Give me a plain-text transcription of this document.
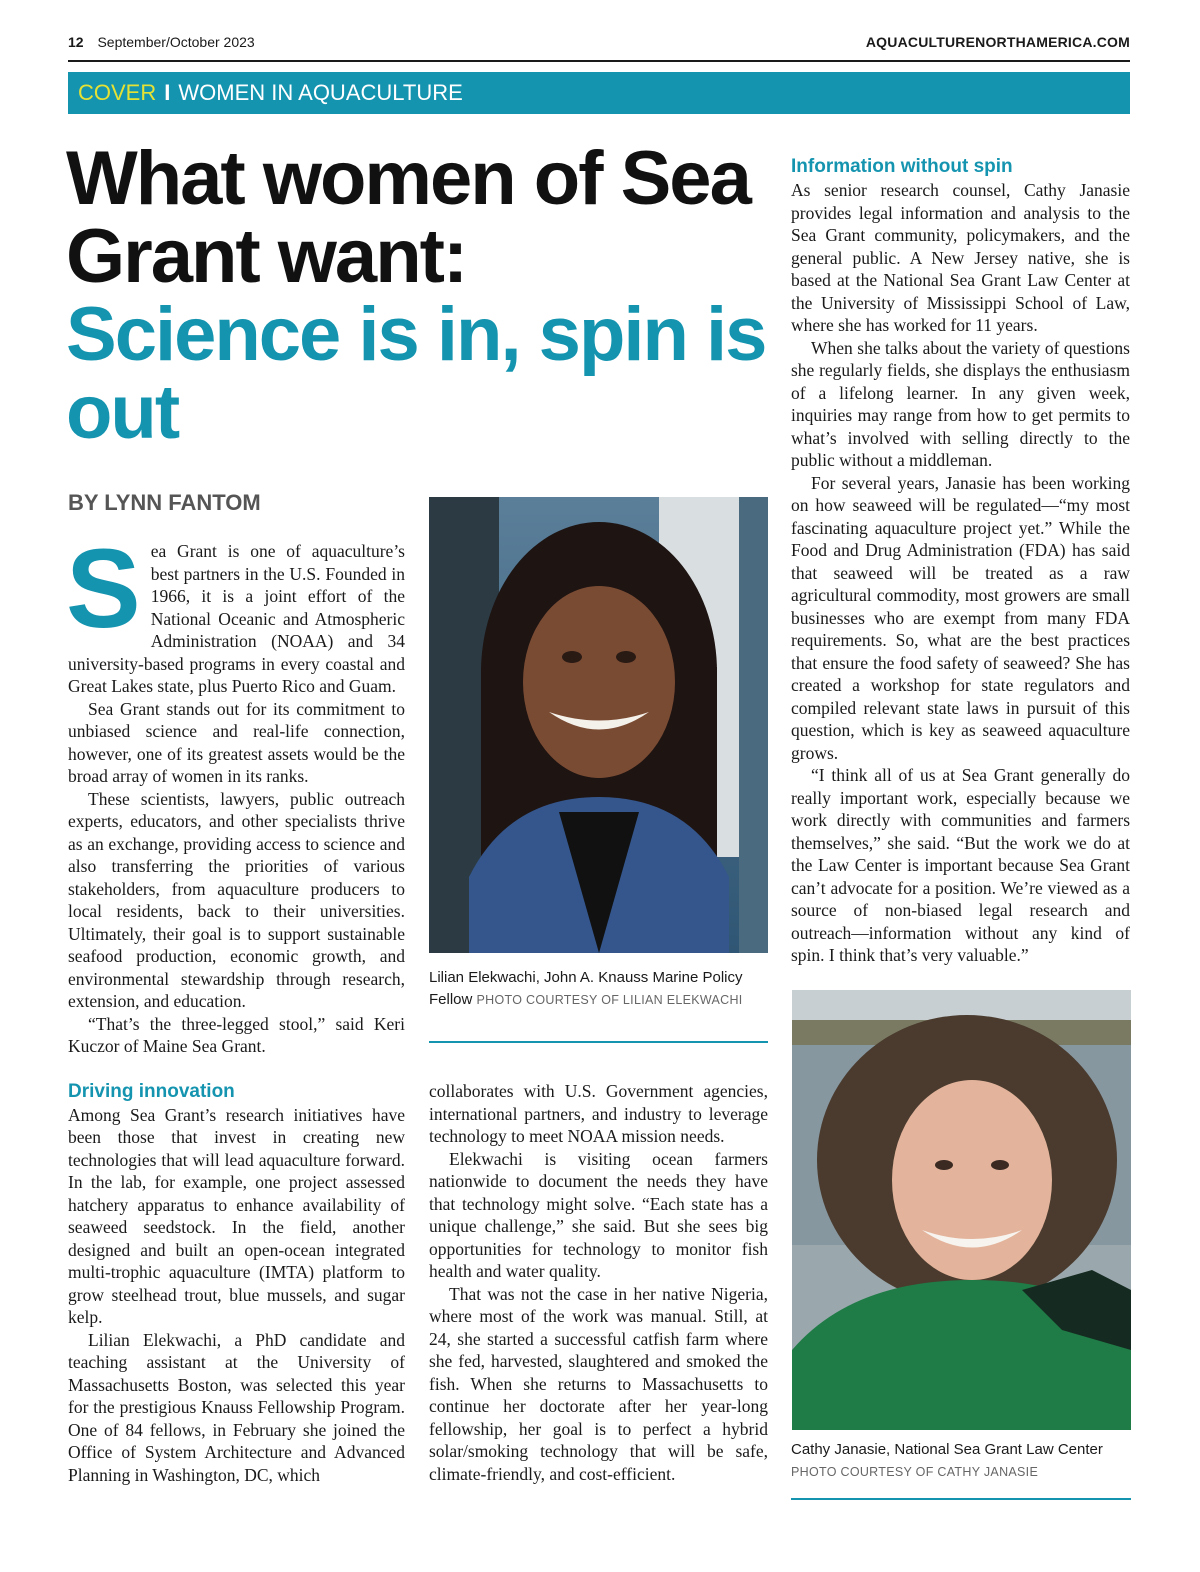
12 September/October 2023	AQUACULTURENORTHAMERICA.COM
COVER I WOMEN IN AQUACULTURE
What women of Sea Grant want:
Science is in, spin is out
BY LYNN FANTOM

Sea Grant is one of aquaculture’s best partners in the U.S. Founded in 1966, it is a joint effort of the National Oceanic and Atmospheric Administration (NOAA) and 34 university-based programs in every coastal and Great Lakes state, plus Puerto Rico and Guam.

Sea Grant stands out for its commitment to unbiased science and real-life connection, however, one of its greatest assets would be the broad array of women in its ranks.

These scientists, lawyers, public outreach experts, educators, and other specialists thrive as an exchange, providing access to science and also transferring the priorities of various stakeholders, from aquaculture producers to local residents, back to their universities. Ultimately, their goal is to support sustainable seafood production, economic growth, and environmental stewardship through research, extension, and education.

“That’s the three-legged stool,” said Keri Kuczor of Maine Sea Grant.

Driving innovation

Among Sea Grant’s research initiatives have been those that invest in creating new technologies that will lead aquaculture forward. In the lab, for example, one project assessed hatchery apparatus to enhance availability of seaweed seedstock. In the field, another designed and built an open-ocean integrated multi-trophic aquaculture (IMTA) platform to grow steelhead trout, blue mussels, and sugar kelp.

Lilian Elekwachi, a PhD candidate and teaching assistant at the University of Massachusetts Boston, was selected this year for the prestigious Knauss Fellowship Program. One of 84 fellows, in February she joined the Office of System Architecture and Advanced Planning in Washington, DC, which

Lilian Elekwachi, John A. Knauss Marine Policy Fellow PHOTO COURTESY OF LILIAN ELEKWACHI

collaborates with U.S. Government agencies, international partners, and industry to leverage technology to meet NOAA mission needs.

Elekwachi is visiting ocean farmers nationwide to document the needs they have that technology might solve. “Each state has a unique challenge,” she said. But she sees big opportunities for technology to monitor fish health and water quality.

That was not the case in her native Nigeria, where most of the work was manual. Still, at 24, she started a successful catfish farm where she fed, harvested, slaughtered and smoked the fish. When she returns to Massachusetts to continue her doctorate after her year-long fellowship, her goal is to perfect a hybrid solar/smoking technology that will be safe, climate-friendly, and cost-efficient.

Information without spin

As senior research counsel, Cathy Janasie provides legal information and analysis to the Sea Grant community, policymakers, and the general public. A New Jersey native, she is based at the National Sea Grant Law Center at the University of Mississippi School of Law, where she has worked for 11 years.

When she talks about the variety of questions she regularly fields, she displays the enthusiasm of a lifelong learner. In any given week, inquiries may range from how to get permits to what’s involved with selling directly to the public without a middleman.

For several years, Janasie has been working on how seaweed will be regulated—“my most fascinating aquaculture project yet.” While the Food and Drug Administration (FDA) has said that seaweed will be treated as a raw agricultural commodity, most growers are small businesses who are exempt from many FDA requirements. So, what are the best practices that ensure the food safety of seaweed? She has created a workshop for state regulators and compiled relevant state laws in pursuit of this question, which is key as seaweed aquaculture grows.

“I think all of us at Sea Grant generally do really important work, especially because we work directly with communities and farmers themselves,” she said. “But the work we do at the Law Center is important because Sea Grant can’t advocate for a position. We’re viewed as a source of non-biased legal research and outreach—information without any kind of spin. I think that’s very valuable.”

Cathy Janasie, National Sea Grant Law Center PHOTO COURTESY OF CATHY JANASIE
